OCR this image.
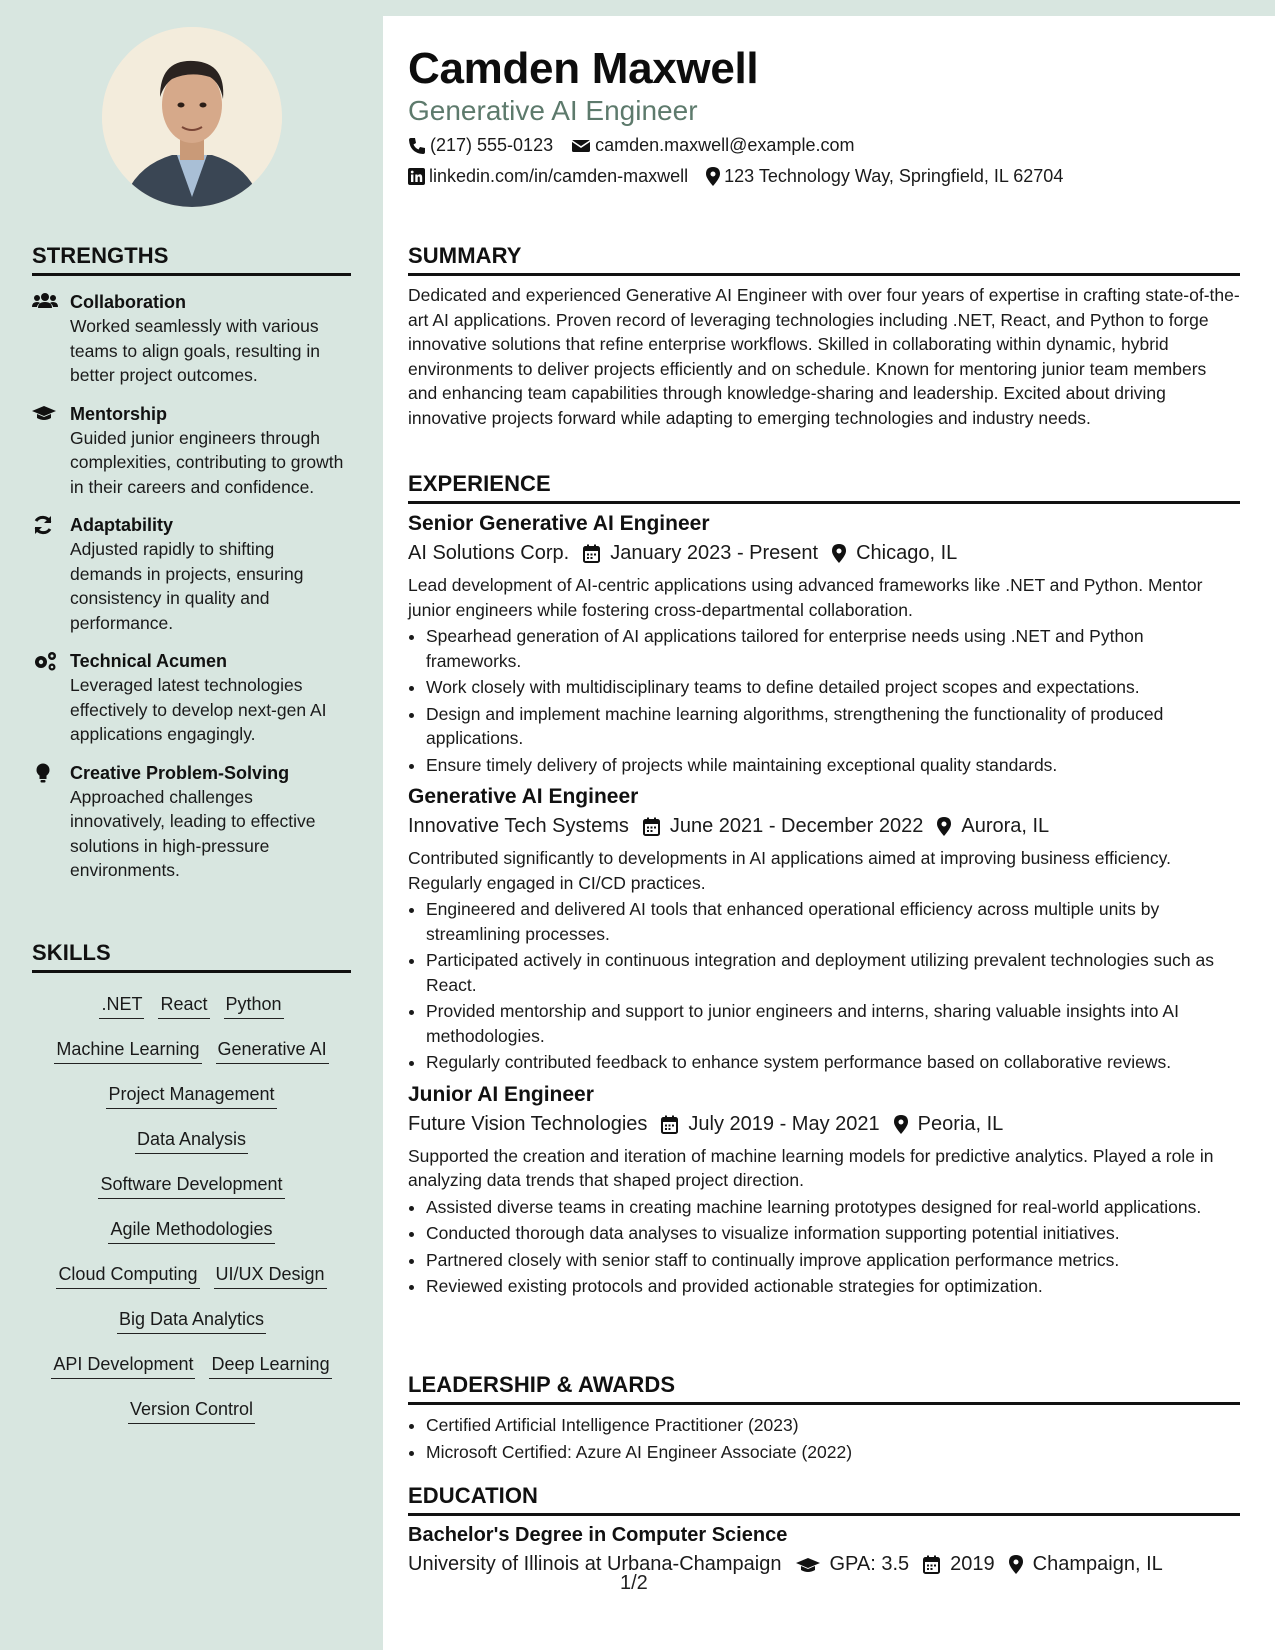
STRENGTHS
Collaboration
Worked seamlessly with various teams to align goals, resulting in better project outcomes.
Mentorship
Guided junior engineers through complexities, contributing to growth in their careers and confidence.
Adaptability
Adjusted rapidly to shifting demands in projects, ensuring consistency in quality and performance.
Technical Acumen
Leveraged latest technologies effectively to develop next-gen AI applications engagingly.
Creative Problem-Solving
Approached challenges innovatively, leading to effective solutions in high-pressure environments.
SKILLS
.NET React Python
Machine Learning Generative AI
Project Management
Data Analysis
Software Development
Agile Methodologies
Cloud Computing UI/UX Design
Big Data Analytics
API Development Deep Learning
Version Control
Camden Maxwell
Generative AI Engineer
(217) 555-0123 camden.maxwell@example.com
linkedin.com/in/camden-maxwell 123 Technology Way, Springfield, IL 62704
SUMMARY
Dedicated and experienced Generative AI Engineer with over four years of expertise in crafting state-of-the-art AI applications. Proven record of leveraging technologies including .NET, React, and Python to forge innovative solutions that refine enterprise workflows. Skilled in collaborating within dynamic, hybrid environments to deliver projects efficiently and on schedule. Known for mentoring junior team members and enhancing team capabilities through knowledge-sharing and leadership. Excited about driving innovative projects forward while adapting to emerging technologies and industry needs.
EXPERIENCE
Senior Generative AI Engineer
AI Solutions Corp. January 2023 - Present Chicago, IL
Lead development of AI-centric applications using advanced frameworks like .NET and Python. Mentor junior engineers while fostering cross-departmental collaboration.
• Spearhead generation of AI applications tailored for enterprise needs using .NET and Python frameworks.
• Work closely with multidisciplinary teams to define detailed project scopes and expectations.
• Design and implement machine learning algorithms, strengthening the functionality of produced applications.
• Ensure timely delivery of projects while maintaining exceptional quality standards.
Generative AI Engineer
Innovative Tech Systems June 2021 - December 2022 Aurora, IL
Contributed significantly to developments in AI applications aimed at improving business efficiency. Regularly engaged in CI/CD practices.
• Engineered and delivered AI tools that enhanced operational efficiency across multiple units by streamlining processes.
• Participated actively in continuous integration and deployment utilizing prevalent technologies such as React.
• Provided mentorship and support to junior engineers and interns, sharing valuable insights into AI methodologies.
• Regularly contributed feedback to enhance system performance based on collaborative reviews.
Junior AI Engineer
Future Vision Technologies July 2019 - May 2021 Peoria, IL
Supported the creation and iteration of machine learning models for predictive analytics. Played a role in analyzing data trends that shaped project direction.
• Assisted diverse teams in creating machine learning prototypes designed for real-world applications.
• Conducted thorough data analyses to visualize information supporting potential initiatives.
• Partnered closely with senior staff to continually improve application performance metrics.
• Reviewed existing protocols and provided actionable strategies for optimization.
LEADERSHIP & AWARDS
• Certified Artificial Intelligence Practitioner (2023)
• Microsoft Certified: Azure AI Engineer Associate (2022)
EDUCATION
Bachelor's Degree in Computer Science
University of Illinois at Urbana-Champaign GPA: 3.5 2019 Champaign, IL
1/2
